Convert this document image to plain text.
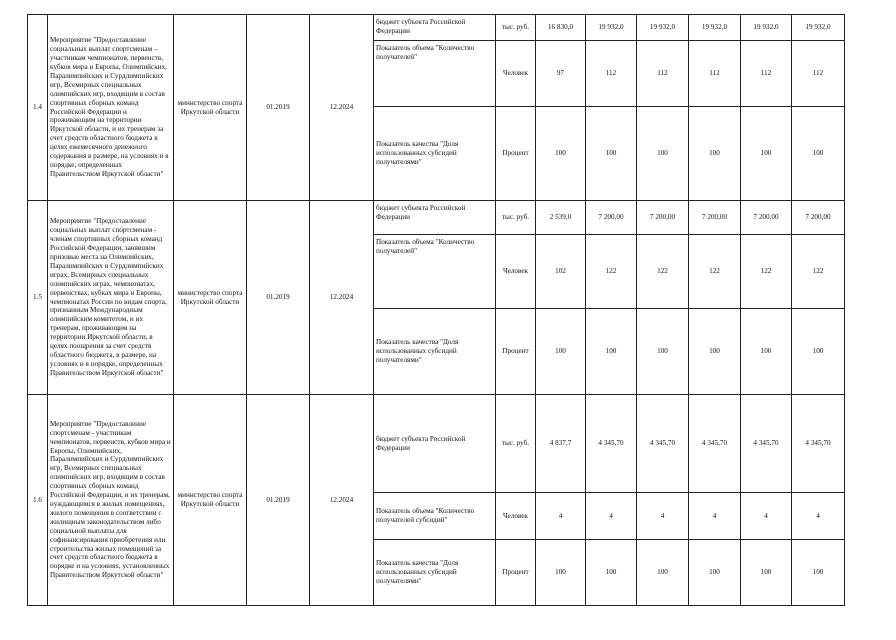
1.4	Мероприятие "Предоставление социальных выплат спортсменам – участникам чемпионатов, первенств, кубков мира и Европы, Олимпийских, Паралимпийских и Сурдлимпийских игр, Всемирных специальных олимпийских игр, входящим в состав спортивных сборных команд Российской Федерации и проживающим на территории Иркутской области, и их тренерам за счет средств областного бюджета в целях ежемесячного денежного содержания в размере, на условиях и в порядке, определенных Правительством Иркутской области"	министерство спорта Иркутской области	01.2019	12.2024	бюджет субъекта Российской Федерации	тыс. руб.	16 830,0	19 932,0	19 932,0	19 932,0	19 932,0	19 932,0
					Показатель объема "Количество получателей"	Человек	97	112	112	112	112	112
					Показатель качества "Доля использованных субсидий получателями"	Процент	100	100	100	100	100	100
1.5	Мероприятие "Предоставление социальных выплат спортсменам - членам спортивных сборных команд Российской Федерации, занявшим призовые места на Олимпийских, Паралимпийских и Сурдлимпийских играх, Всемирных специальных олимпийских играх, чемпионатах, первенствах, кубках мира и Европы, чемпионатах России по видам спорта, признанным Международным олимпийским комитетом, и их тренерам, проживающим на территории Иркутской области, в целях поощрения за счет средств областного бюджета, в размере, на условиях и в порядке, определенных Правительством Иркутской области"	министерство спорта Иркутской области	01.2019	12.2024	бюджет субъекта Российской Федерации	тыс. руб.	2 539,0	7 200,00	7 200,00	7 200,00	7 200,00	7 200,00
					Показатель объема "Количество получателей"	Человек	102	122	122	122	122	122
					Показатель качества "Доля использованных субсидий получателями"	Процент	100	100	100	100	100	100
1.6	Мероприятие "Предоставление спортсменам - участникам чемпионатов, первенств, кубков мира и Европы, Олимпийских, Паралимпийских и Сурдлимпийских игр, Всемирных специальных олимпийских игр, входящим в состав спортивных сборных команд Российской Федерации, и их тренерам, нуждающимся в жилых помещениях, жилого помещения в соответствии с жилищным законодательством либо социальной выплаты для софинансирования приобретения или строительства жилых помещений за счет средств областного бюджета в порядке и на условиях, установленных Правительством Иркутской области"	министерство спорта Иркутской области	01.2019	12.2024	бюджет субъекта Российской Федерации	тыс. руб.	4 837,7	4 345,70	4 345,70	4 345,70	4 345,70	4 345,70
					Показатель объема "Количество получателей субсидий"	Человек	4	4	4	4	4	4
					Показатель качества "Доля использованных субсидий получателями"	Процент	100	100	100	100	100	100
